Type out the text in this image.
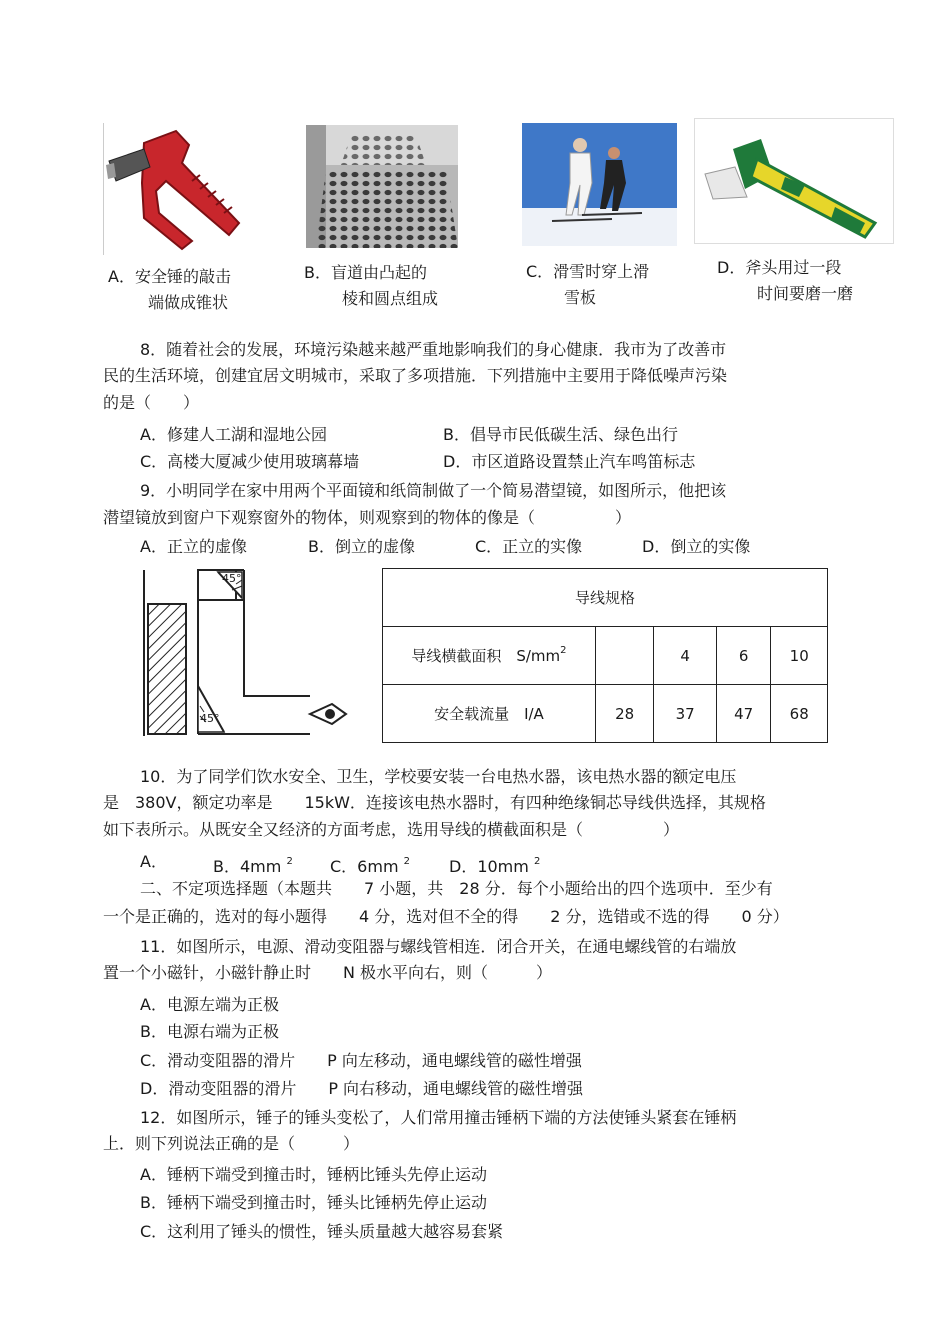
A．安全锤的敲击
端做成锥状
B．盲道由凸起的
棱和圆点组成
C．滑雪时穿上滑
雪板
D．斧头用过一段
时间要磨一磨
8．随着社会的发展，环境污染越来越严重地影响我们的身心健康．我市为了改善市
民的生活环境，创建宜居文明城市，采取了多项措施．下列措施中主要用于降低噪声污染
的是（　　）
A．修建人工湖和湿地公园	B．倡导市民低碳生活、绿色出行
C．高楼大厦减少使用玻璃幕墙	D．市区道路设置禁止汽车鸣笛标志
9．小明同学在家中用两个平面镜和纸筒制做了一个简易潜望镜，如图所示，他把该
潜望镜放到窗户下观察窗外的物体，则观察到的物体的像是（　　　　　）
A．正立的虚像	B．倒立的虚像	C．正立的实像	D．倒立的实像
45°
45°
导线规格				
导线横截面积　$S/mm^2$		4	6	10
安全载流量　I/A	28	37	47	68
10．为了同学们饮水安全、卫生，学校要安装一台电热水器，该电热水器的额定电压
是　380V，额定功率是　　15kW．连接该电热水器时，有四种绝缘铜芯导线供选择，其规格
如下表所示。从既安全又经济的方面考虑，选用导线的横截面积是（　　　　　）
A．	B．4mm $^2$ C．6mm $^2$ D．10mm $^2$
二、不定项选择题（本题共　　7 小题，共　28 分．每个小题给出的四个选项中．至少有
一个是正确的，选对的每小题得　　4 分，选对但不全的得　　2 分，选错或不选的得　　0 分）
11．如图所示，电源、滑动变阻器与螺线管相连．闭合开关，在通电螺线管的右端放
置一个小磁针，小磁针静止时　　N 极水平向右，则（　　　）
A．电源左端为正极
B．电源右端为正极
C．滑动变阻器的滑片　　P 向左移动，通电螺线管的磁性增强
D．滑动变阻器的滑片　　P 向右移动，通电螺线管的磁性增强
12．如图所示，锤子的锤头变松了，人们常用撞击锤柄下端的方法使锤头紧套在锤柄
上．则下列说法正确的是（　　　）
A．锤柄下端受到撞击时，锤柄比锤头先停止运动
B．锤柄下端受到撞击时，锤头比锤柄先停止运动
C．这利用了锤头的惯性，锤头质量越大越容易套紧
